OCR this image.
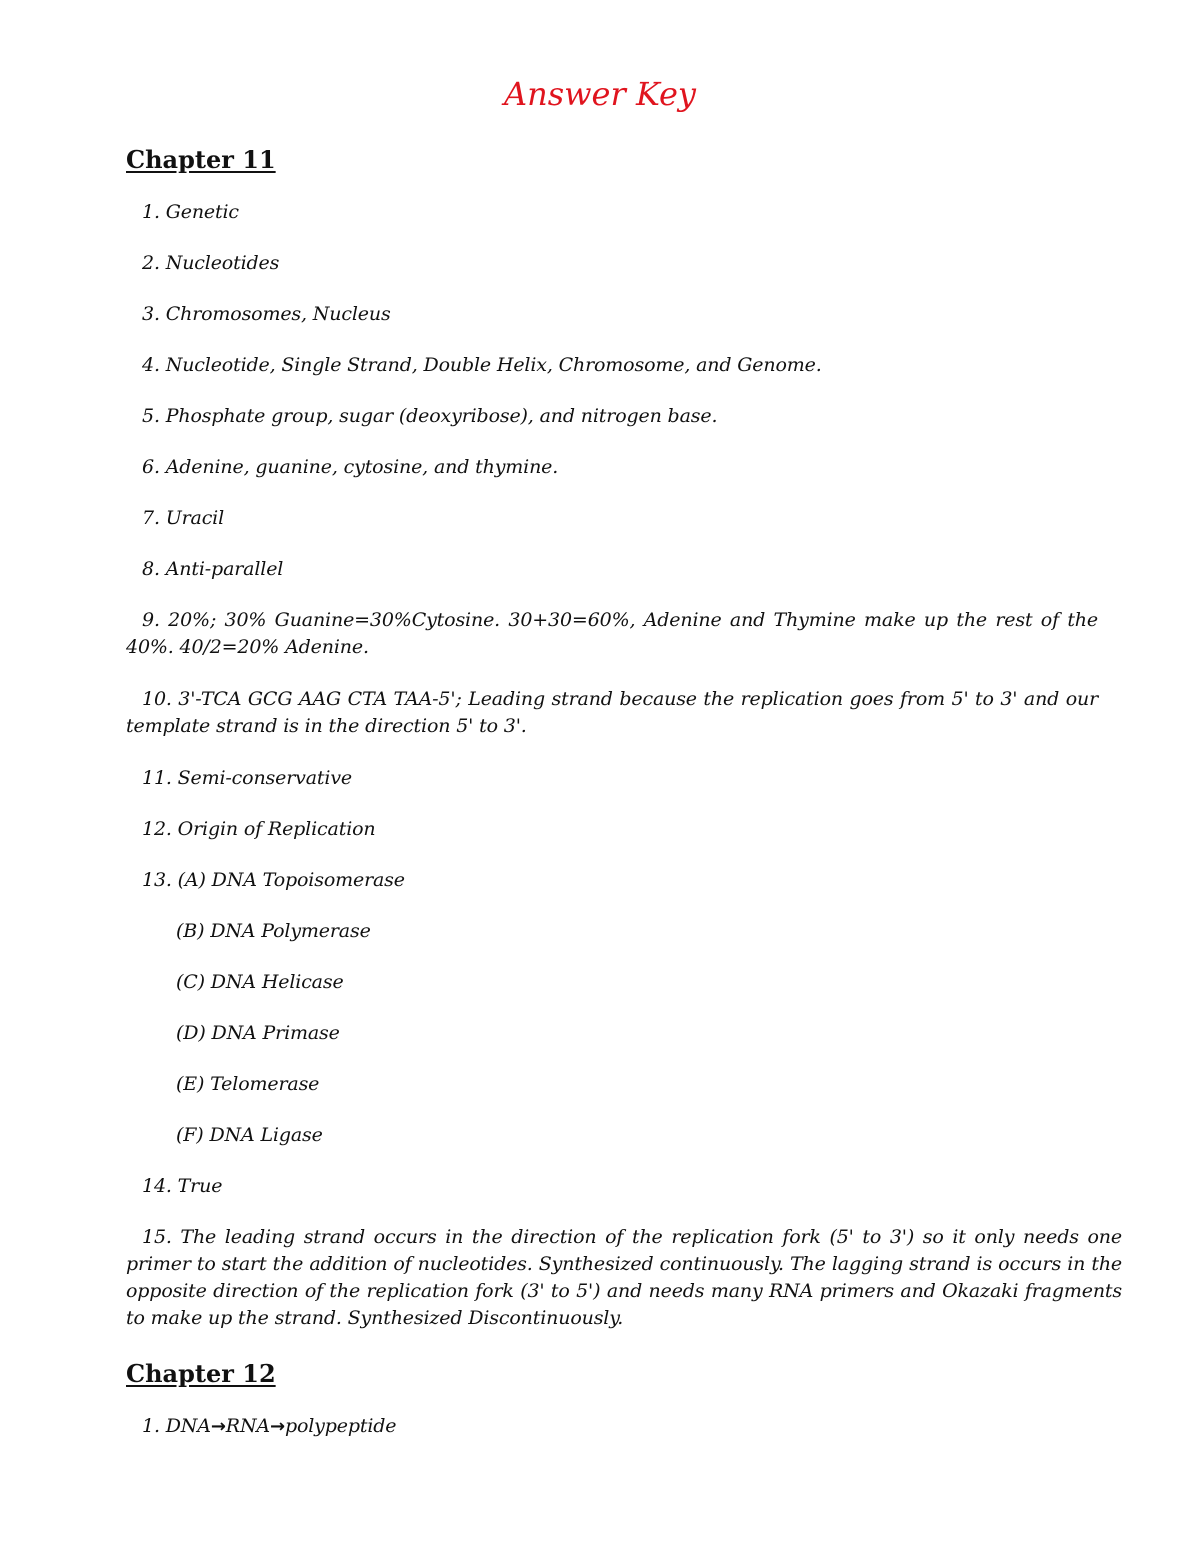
Answer Key
Chapter 11

1. Genetic

2. Nucleotides

3. Chromosomes, Nucleus

4. Nucleotide, Single Strand, Double Helix, Chromosome, and Genome.

5. Phosphate group, sugar (deoxyribose), and nitrogen base.

6. Adenine, guanine, cytosine, and thymine.

7. Uracil

8. Anti-parallel

9. 20%; 30% Guanine=30%Cytosine. 30+30=60%, Adenine and Thymine make up the rest of the 40%. 40/2=20% Adenine.

10. 3'-TCA GCG AAG CTA TAA-5'; Leading strand because the replication goes from 5' to 3' and our template strand is in the direction 5' to 3'.

11. Semi-conservative

12. Origin of Replication

13. (A) DNA Topoisomerase

(B) DNA Polymerase

(C) DNA Helicase

(D) DNA Primase

(E) Telomerase

(F) DNA Ligase

14. True

15. The leading strand occurs in the direction of the replication fork (5' to 3') so it only needs one primer to start the addition of nucleotides. Synthesized continuously. The lagging strand is occurs in the opposite direction of the replication fork (3' to 5') and needs many RNA primers and Okazaki fragments to make up the strand. Synthesized Discontinuously.

Chapter 12

1. DNA→RNA→polypeptide
